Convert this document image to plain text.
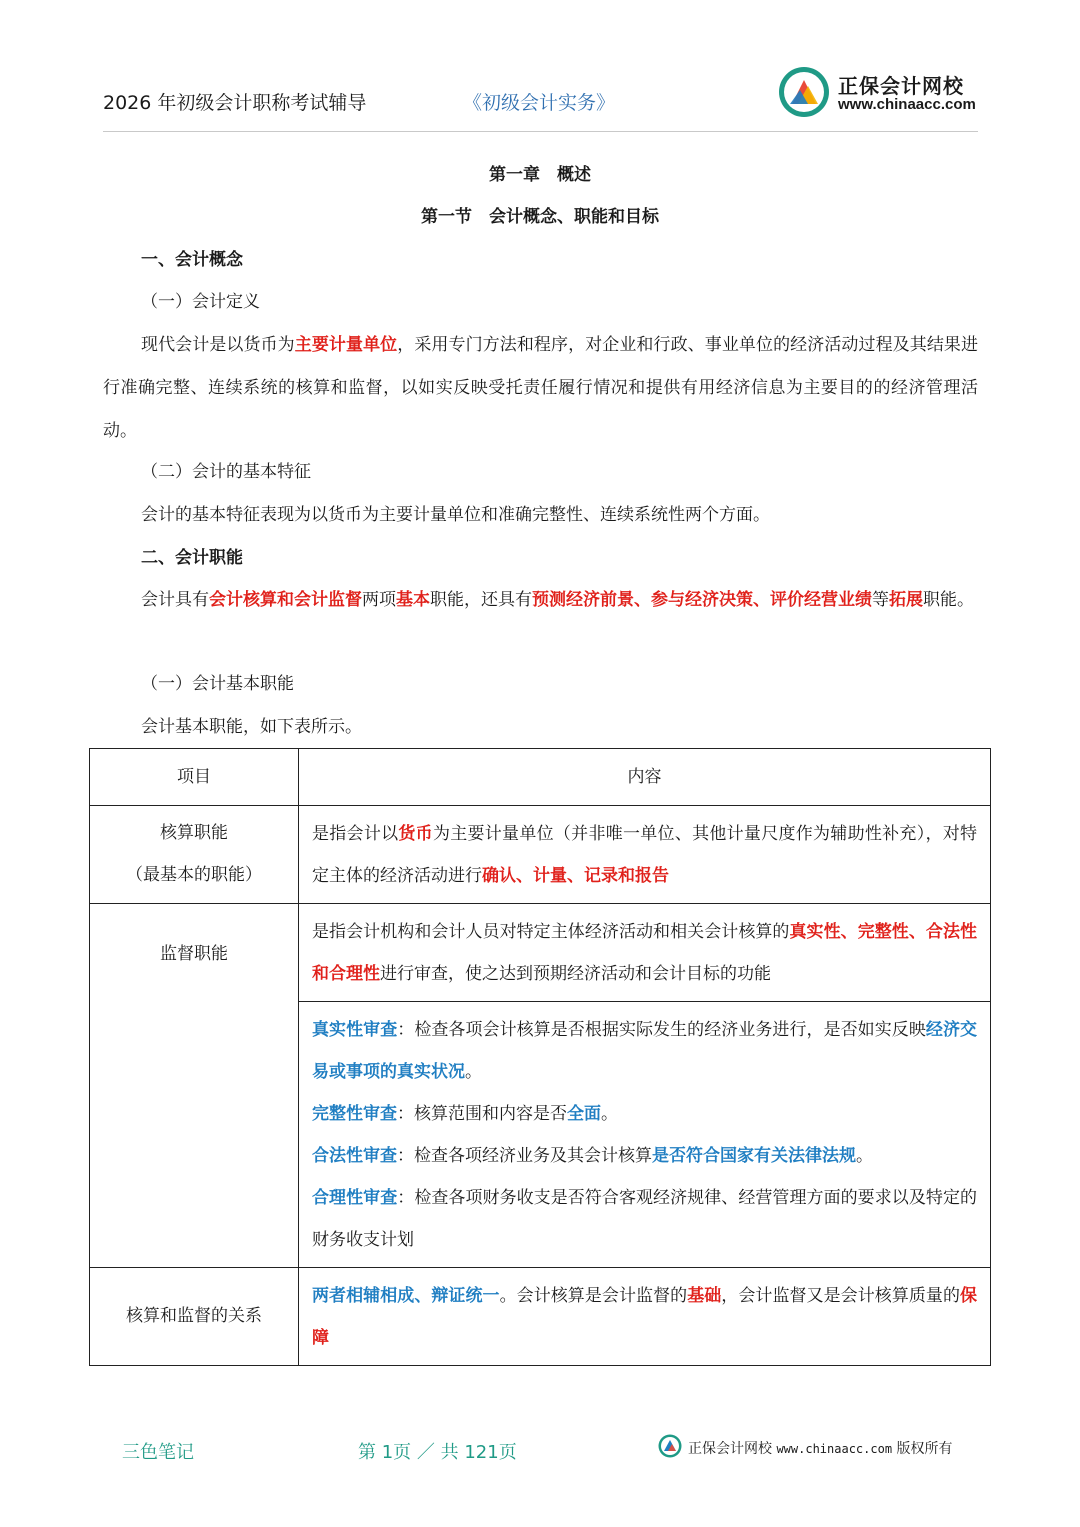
2026 年初级会计职称考试辅导	《初级会计实务》
正保会计网校
www.chinaacc.com
第一章　概述
第一节　会计概念、职能和目标
一、会计概念
（一）会计定义

现代会计是以货币为主要计量单位，采用专门方法和程序，对企业和行政、事业单位的经济活动过程及其结果进行准确完整、连续系统的核算和监督，以如实反映受托责任履行情况和提供有用经济信息为主要目的的经济管理活动。

（二）会计的基本特征
会计的基本特征表现为以货币为主要计量单位和准确完整性、连续系统性两个方面。
二、会计职能

会计具有会计核算和会计监督两项基本职能，还具有预测经济前景、参与经济决策、评价经营业绩等拓展职能。

（一）会计基本职能
会计基本职能，如下表所示。
项目	内容

核算职能
（最基本的职能）	是指会计以货币为主要计量单位（并非唯一单位、其他计量尺度作为辅助性补充），对特定主体的经济活动进行确认、计量、记录和报告
监督职能	是指会计机构和会计人员对特定主体经济活动和相关会计核算的真实性、完整性、合法性和合理性进行审查，使之达到预期经济活动和会计目标的功能

	真实性审查：检查各项会计核算是否根据实际发生的经济业务进行，是否如实反映经济交易或事项的真实状况。
完整性审查：核算范围和内容是否全面。
合法性审查：检查各项经济业务及其会计核算是否符合国家有关法律法规。
合理性审查：检查各项财务收支是否符合客观经济规律、经营管理方面的要求以及特定的财务收支计划

核算和监督的关系	两者相辅相成、辩证统一。会计核算是会计监督的基础，会计监督又是会计核算质量的保障
三色笔记	第 1页 ／ 共 121页	正保会计网校 www.chinaacc.com 版权所有
